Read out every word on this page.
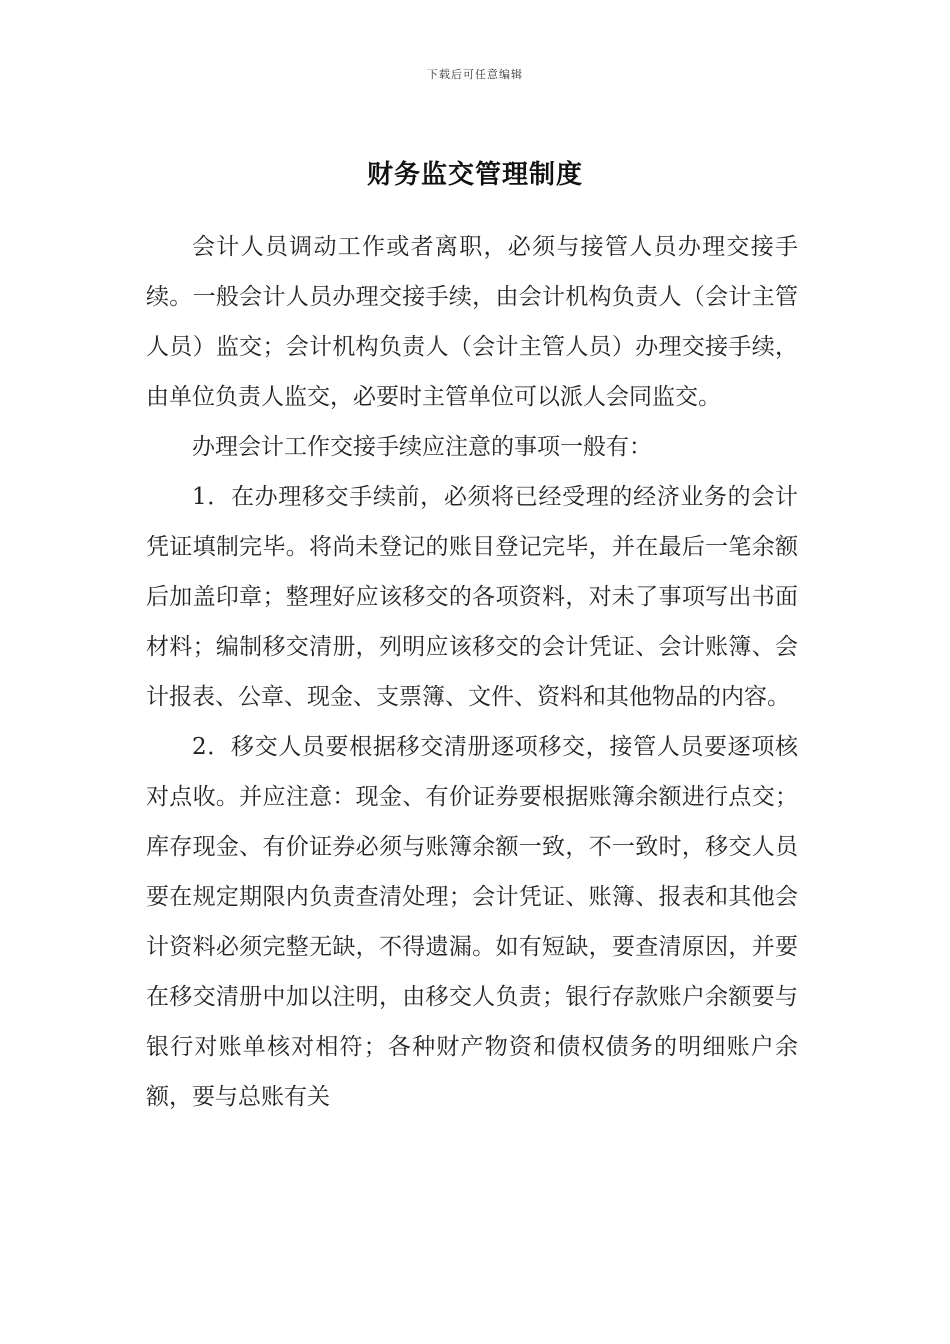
下载后可任意编辑
财务监交管理制度

会计人员调动工作或者离职，必须与接管人员办理交接手续。一般会计人员办理交接手续，由会计机构负责人（会计主管人员）监交；会计机构负责人（会计主管人员）办理交接手续，由单位负责人监交，必要时主管单位可以派人会同监交。

办理会计工作交接手续应注意的事项一般有：

1．在办理移交手续前，必须将已经受理的经济业务的会计凭证填制完毕。将尚未登记的账目登记完毕，并在最后一笔余额后加盖印章；整理好应该移交的各项资料，对未了事项写出书面材料；编制移交清册，列明应该移交的会计凭证、会计账簿、会计报表、公章、现金、支票簿、文件、资料和其他物品的内容。

2．移交人员要根据移交清册逐项移交，接管人员要逐项核对点收。并应注意：现金、有价证券要根据账簿余额进行点交；库存现金、有价证券必须与账簿余额一致，不一致时，移交人员要在规定期限内负责查清处理；会计凭证、账簿、报表和其他会计资料必须完整无缺，不得遗漏。如有短缺，要查清原因，并要在移交清册中加以注明，由移交人负责；银行存款账户余额要与银行对账单核对相符；各种财产物资和债权债务的明细账户余额，要与总账有关
